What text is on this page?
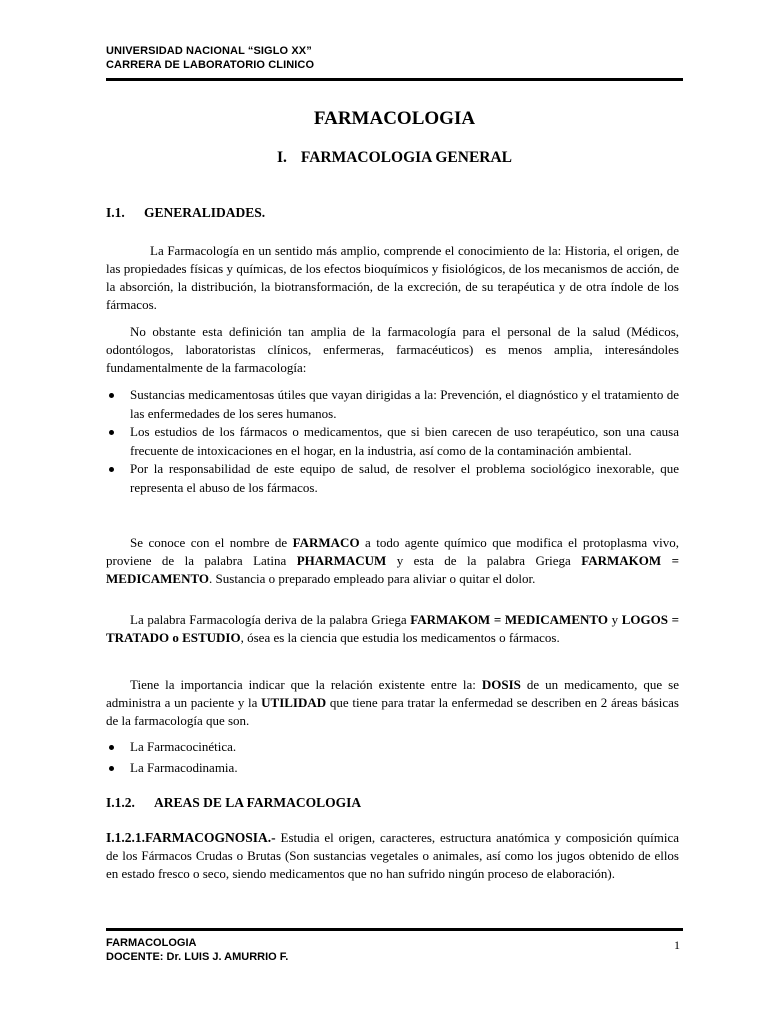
UNIVERSIDAD NACIONAL “SIGLO XX”
CARRERA DE LABORATORIO CLINICO
FARMACOLOGIA
I. FARMACOLOGIA GENERAL
I.1. GENERALIDADES.

La Farmacología en un sentido más amplio, comprende el conocimiento de la: Historia, el origen, de las propiedades físicas y químicas, de los efectos bioquímicos y fisiológicos, de los mecanismos de acción, de la absorción, la distribución, la biotransformación, de la excreción, de su terapéutica y de otra índole de los fármacos.

No obstante esta definición tan amplia de la farmacología para el personal de la salud (Médicos, odontólogos, laboratoristas clínicos, enfermeras, farmacéuticos) es menos amplia, interesándoles fundamentalmente de la farmacología:

Sustancias medicamentosas útiles que vayan dirigidas a la: Prevención, el diagnóstico y el tratamiento de las enfermedades de los seres humanos.
Los estudios de los fármacos o medicamentos, que si bien carecen de uso terapéutico, son una causa frecuente de intoxicaciones en el hogar, en la industria, así como de la contaminación ambiental.
Por la responsabilidad de este equipo de salud, de resolver el problema sociológico inexorable, que representa el abuso de los fármacos.

Se conoce con el nombre de FARMACO a todo agente químico que modifica el protoplasma vivo, proviene de la palabra Latina PHARMACUM y esta de la palabra Griega FARMAKOM = MEDICAMENTO. Sustancia o preparado empleado para aliviar o quitar el dolor.

La palabra Farmacología deriva de la palabra Griega FARMAKOM = MEDICAMENTO y LOGOS = TRATADO o ESTUDIO, ósea es la ciencia que estudia los medicamentos o fármacos.

Tiene la importancia indicar que la relación existente entre la: DOSIS de un medicamento, que se administra a un paciente y la UTILIDAD que tiene para tratar la enfermedad se describen en 2 áreas básicas de la farmacología que son.

La Farmacocinética.
La Farmacodinamia.
I.1.2. AREAS DE LA FARMACOLOGIA

I.1.2.1.FARMACOGNOSIA.- Estudia el origen, caracteres, estructura anatómica y composición química de los Fármacos Crudas o Brutas (Son sustancias vegetales o animales, así como los jugos obtenido de ellos en estado fresco o seco, siendo medicamentos que no han sufrido ningún proceso de elaboración).

FARMACOLOGIA
DOCENTE: Dr. LUIS J. AMURRIO F.
1
